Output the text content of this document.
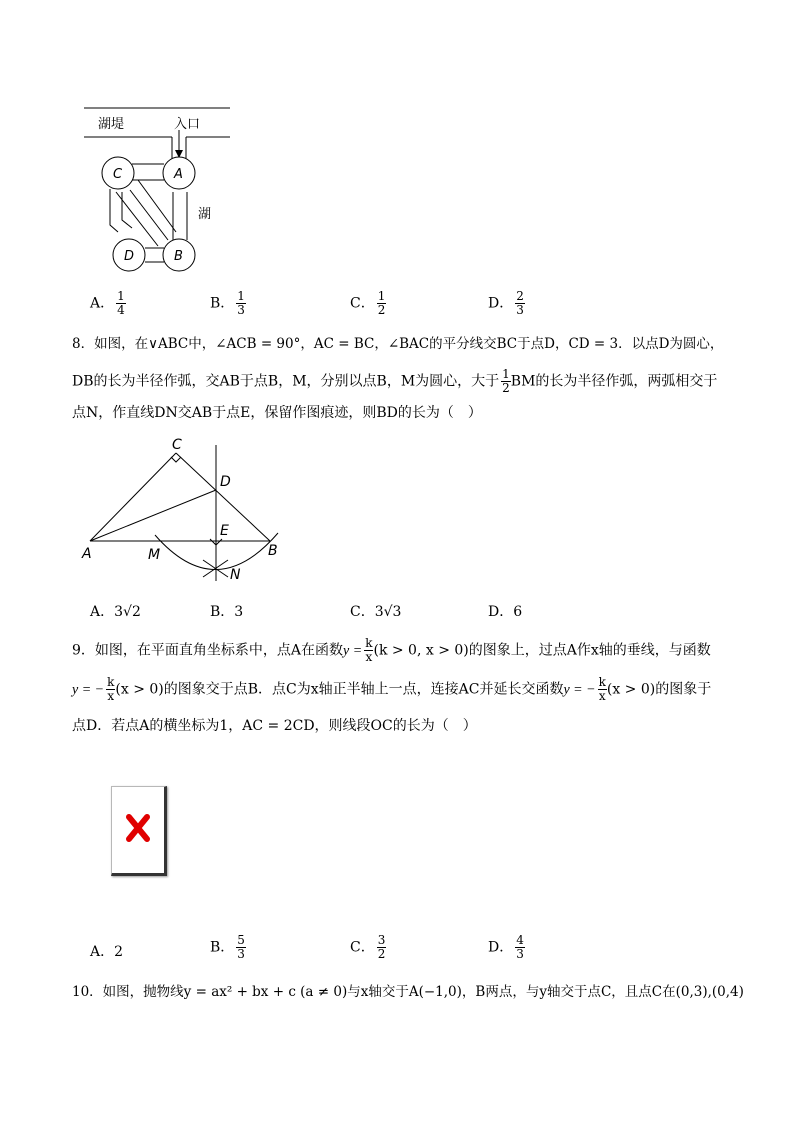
湖堤	入口
湖
C	A
D	B
A． $\frac{1}{4}$	B． $\frac{1}{3}$	C． $\frac{1}{2}$	D． $\frac{2}{3}$
8．如图，在∨ABC中，∠ACB = 90°，AC = BC，∠BAC的平分线交BC于点D，CD = 3．以点D为圆心，
DB的长为半径作弧，交AB于点B，M，分别以点B，M为圆心，大于 $\frac{1}{2}$ BM的长为半径作弧，两弧相交于
点N，作直线DN交AB于点E，保留作图痕迹，则BD的长为（　）
C
D
E
A	M	B
N
A．3√2	B．3	C．3√3	D．6
9．如图，在平面直角坐标系中，点A在函数$y = \frac{k}{x} (k > 0$, x > 0)的图象上，过点A作x轴的垂线，与函数
y = − $\frac{k}{x} (x > 0)$的图象交于点B．点C为x轴正半轴上一点，连接AC并延长交函数y = − $\frac{k}{x} (x > 0)$的图象于
点D．若点A的横坐标为1，AC = 2CD，则线段OC的长为（　）
A．2	B． $\frac{5}{3}$	C． $\frac{3}{2}$	D． $\frac{4}{3}$
10．如图，抛物线y = ax² + bx + c (a ≠ 0)与x轴交于A(−1,0)，B两点，与y轴交于点C，且点C在(0,3),(0,4)
